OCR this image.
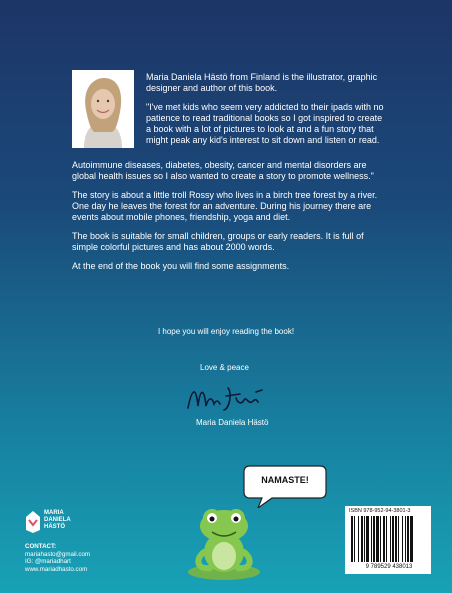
Maria Daniela Hästö from Finland is the illustrator, graphic designer and author of this book.

"I've met kids who seem very addicted to their ipads with no patience to read traditional books so I got inspired to create a book with a lot of pictures to look at and a fun story that might peak any kid's interest to sit down and listen or read.

Autoimmune diseases, diabetes, obesity, cancer and mental disorders are global health issues so I also wanted to create a story to promote wellness."

The story is about a little troll Rossy who lives in a birch tree forest by a river. One day he leaves the forest for an adventure. During his journey there are events about mobile phones, friendship, yoga and diet.

The book is suitable for small children, groups or early readers. It is full of simple colorful pictures and has about 2000 words.

At the end of the book you will find some assignments.

I hope you will enjoy reading the book!
Love & peace
Maria Daniela Hästö
NAMASTE!
MARIA
DANIELA
HÄSTÖ
CONTACT:
mariahasto@gmail.com
IG: @mariadhart
www.mariadhasto.com
ISBN 978-952-94-3801-3
9 789529 438013
